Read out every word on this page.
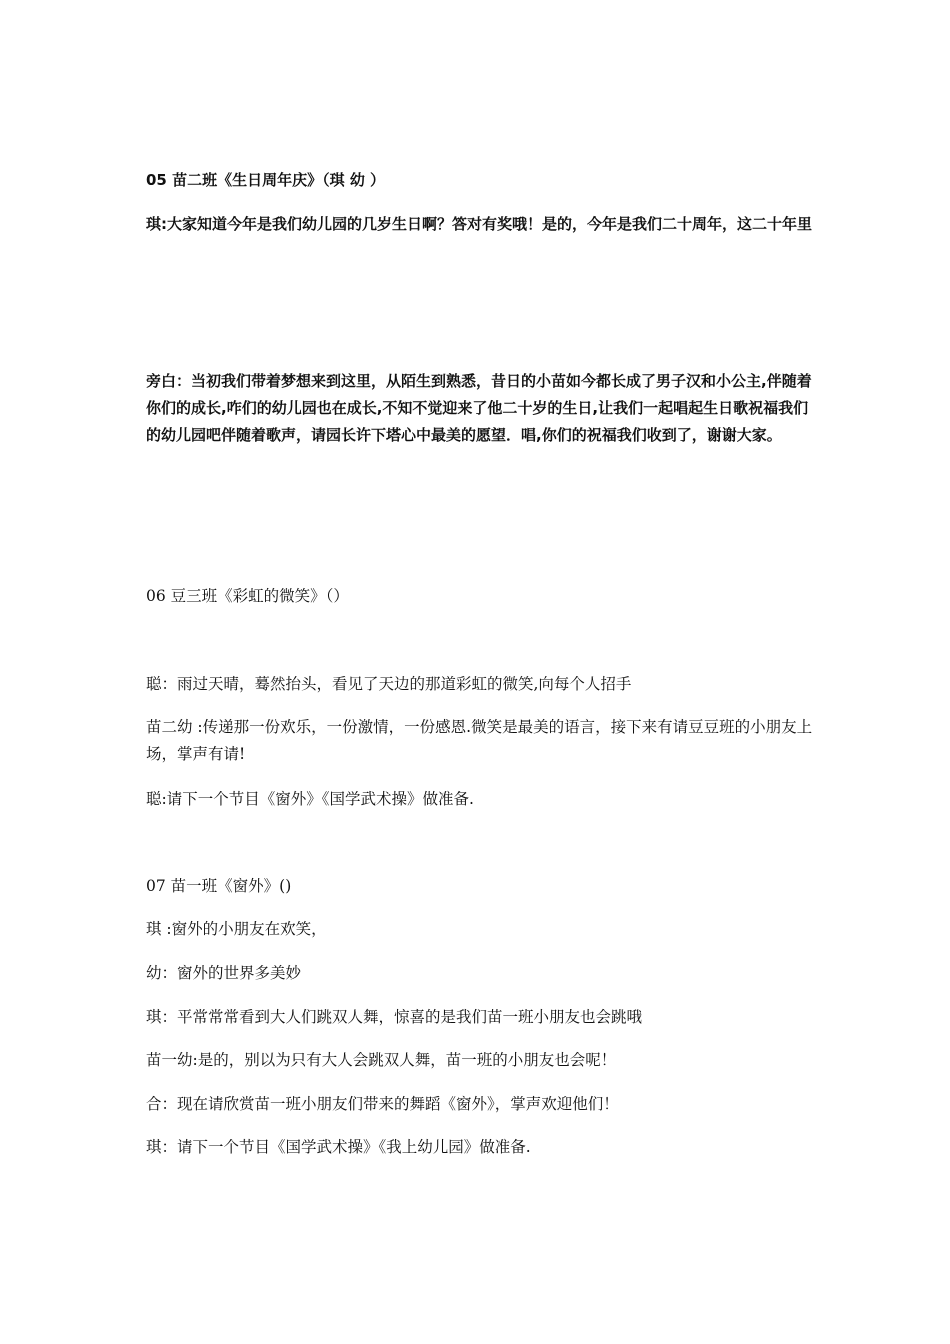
05 苗二班《生日周年庆》（琪 幼 ）
琪:大家知道今年是我们幼儿园的几岁生日啊？答对有奖哦！是的，今年是我们二十周年，这二十年里
旁白：当初我们带着梦想来到这里，从陌生到熟悉，昔日的小苗如今都长成了男子汉和小公主,伴随着你们的成长,咋们的幼儿园也在成长,不知不觉迎来了他二十岁的生日,让我们一起唱起生日歌祝福我们的幼儿园吧伴随着歌声，请园长许下塔心中最美的愿望．唱,你们的祝福我们收到了，谢谢大家。
06 豆三班《彩虹的微笑》（）
聪：雨过天晴，蓦然抬头，看见了天边的那道彩虹的微笑,向每个人招手
苗二幼 :传递那一份欢乐，一份激情，一份感恩.微笑是最美的语言，接下来有请豆豆班的小朋友上场，掌声有请!
聪:请下一个节目《窗外》《国学武术操》做准备.
07 苗一班《窗外》()
琪 :窗外的小朋友在欢笑，
幼：窗外的世界多美妙
琪：平常常常看到大人们跳双人舞，惊喜的是我们苗一班小朋友也会跳哦
苗一幼:是的，别以为只有大人会跳双人舞，苗一班的小朋友也会呢！
合：现在请欣赏苗一班小朋友们带来的舞蹈《窗外》，掌声欢迎他们！
琪：请下一个节目《国学武术操》《我上幼儿园》做准备.
